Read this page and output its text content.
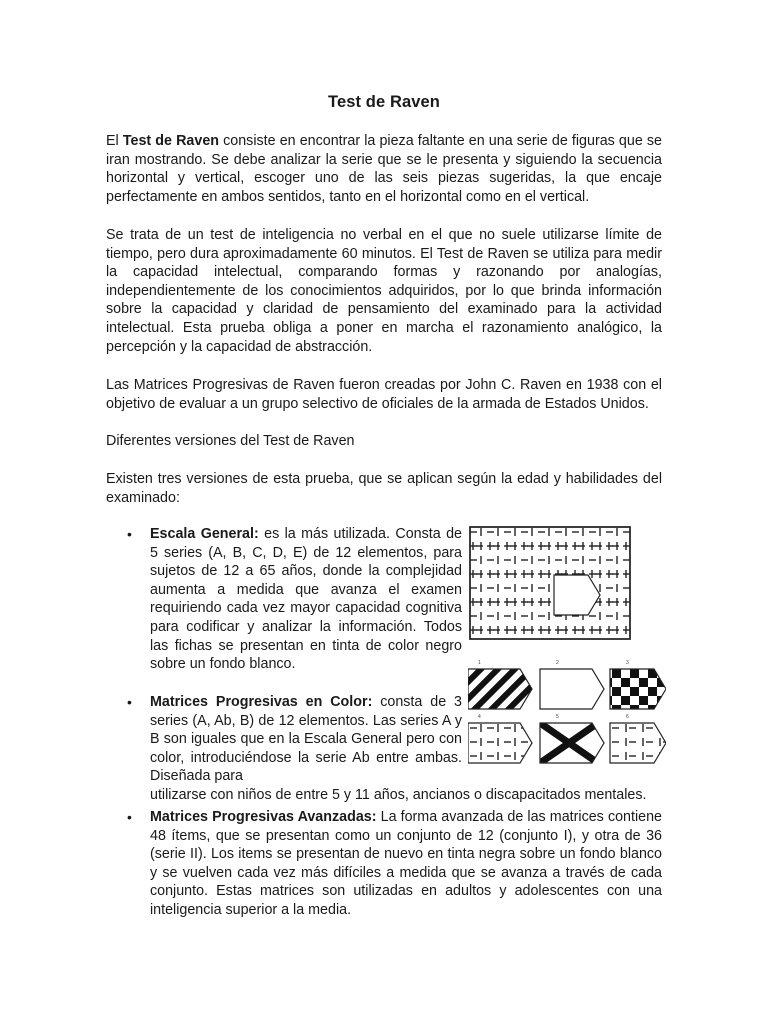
Test de Raven

El Test de Raven consiste en encontrar la pieza faltante en una serie de figuras que se iran mostrando. Se debe analizar la serie que se le presenta y siguiendo la secuencia horizontal y vertical, escoger uno de las seis piezas sugeridas, la que encaje perfectamente en ambos sentidos, tanto en el horizontal como en el vertical.

Se trata de un test de inteligencia no verbal en el que no suele utilizarse límite de tiempo, pero dura aproximadamente 60 minutos. El Test de Raven se utiliza para medir la capacidad intelectual, comparando formas y razonando por analogías, independientemente de los conocimientos adquiridos, por lo que brinda información sobre la capacidad y claridad de pensamiento del examinado para la actividad intelectual. Esta prueba obliga a poner en marcha el razonamiento analógico, la percepción y la capacidad de abstracción.

Las Matrices Progresivas de Raven fueron creadas por John C. Raven en 1938 con el objetivo de evaluar a un grupo selectivo de oficiales de la armada de Estados Unidos.

Diferentes versiones del Test de Raven

Existen tres versiones de esta prueba, que se aplican según la edad y habilidades del examinado:

• Escala General: es la más utilizada. Consta de 5 series (A, B, C, D, E) de 12 elementos, para sujetos de 12 a 65 años, donde la complejidad aumenta a medida que avanza el examen requiriendo cada vez mayor capacidad cognitiva para codificar y analizar la información. Todos las fichas se presentan en tinta de color negro sobre un fondo blanco.

• Matrices Progresivas en Color: consta de 3 series (A, Ab, B) de 12 elementos. Las series A y B son iguales que en la Escala General pero con color, introduciéndose la serie Ab entre ambas. Diseñada para

utilizarse con niños de entre 5 y 11 años, ancianos o discapacitados mentales.

• Matrices Progresivas Avanzadas: La forma avanzada de las matrices contiene 48 ítems, que se presentan como un conjunto de 12 (conjunto I), y otra de 36 (serie II). Los items se presentan de nuevo en tinta negra sobre un fondo blanco y se vuelven cada vez más difíciles a medida que se avanza a través de cada conjunto. Estas matrices son utilizadas en adultos y adolescentes con una inteligencia superior a la media.

1	2	3
4	5	6
